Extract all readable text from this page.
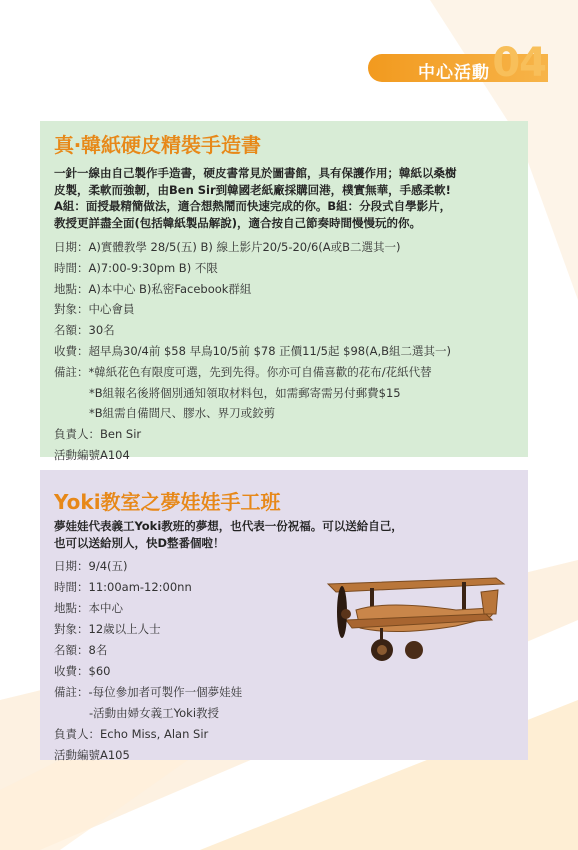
中心活動 04
真‧韓紙硬皮精裝手造書

一針一線由自己製作手造書，硬皮書常見於圖書館，具有保護作用；韓紙以桑樹

皮製，柔軟而強韌，由Ben Sir到韓國老紙廠採購回港，樸實無華，手感柔軟!

A組：面授最精簡做法，適合想熱鬧而快速完成的你。B組：分段式自學影片，

教授更詳盡全面(包括韓紙製品解說)，適合按自己節奏時間慢慢玩的你。

日期：A)實體教學 28/5(五) B) 線上影片20/5-20/6(A或B二選其一)
時間：A)7:00-9:30pm B) 不限
地點：A)本中心 B)私密Facebook群組
對象：中心會員
名額：30名
收費：超早鳥30/4前 $58 早鳥10/5前 $78 正價11/5起 $98(A,B組二選其一)
備註：*韓紙花色有限度可選，先到先得。你亦可自備喜歡的花布/花紙代替
*B組報名後將個別通知領取材料包，如需郵寄需另付郵費$15
*B組需自備間尺、膠水、界刀或鉸剪
負責人：Ben Sir
活動編號A104
Yoki教室之夢娃娃手工班

夢娃娃代表義工Yoki教班的夢想，也代表一份祝福。可以送給自己，

也可以送給別人，快D整番個啦！

日期：9/4(五)
時間：11:00am-12:00nn
地點：本中心
對象：12歲以上人士
名額：8名
收費：$60
備註：-每位參加者可製作一個夢娃娃
-活動由婦女義工Yoki教授
負責人：Echo Miss, Alan Sir
活動編號A105
